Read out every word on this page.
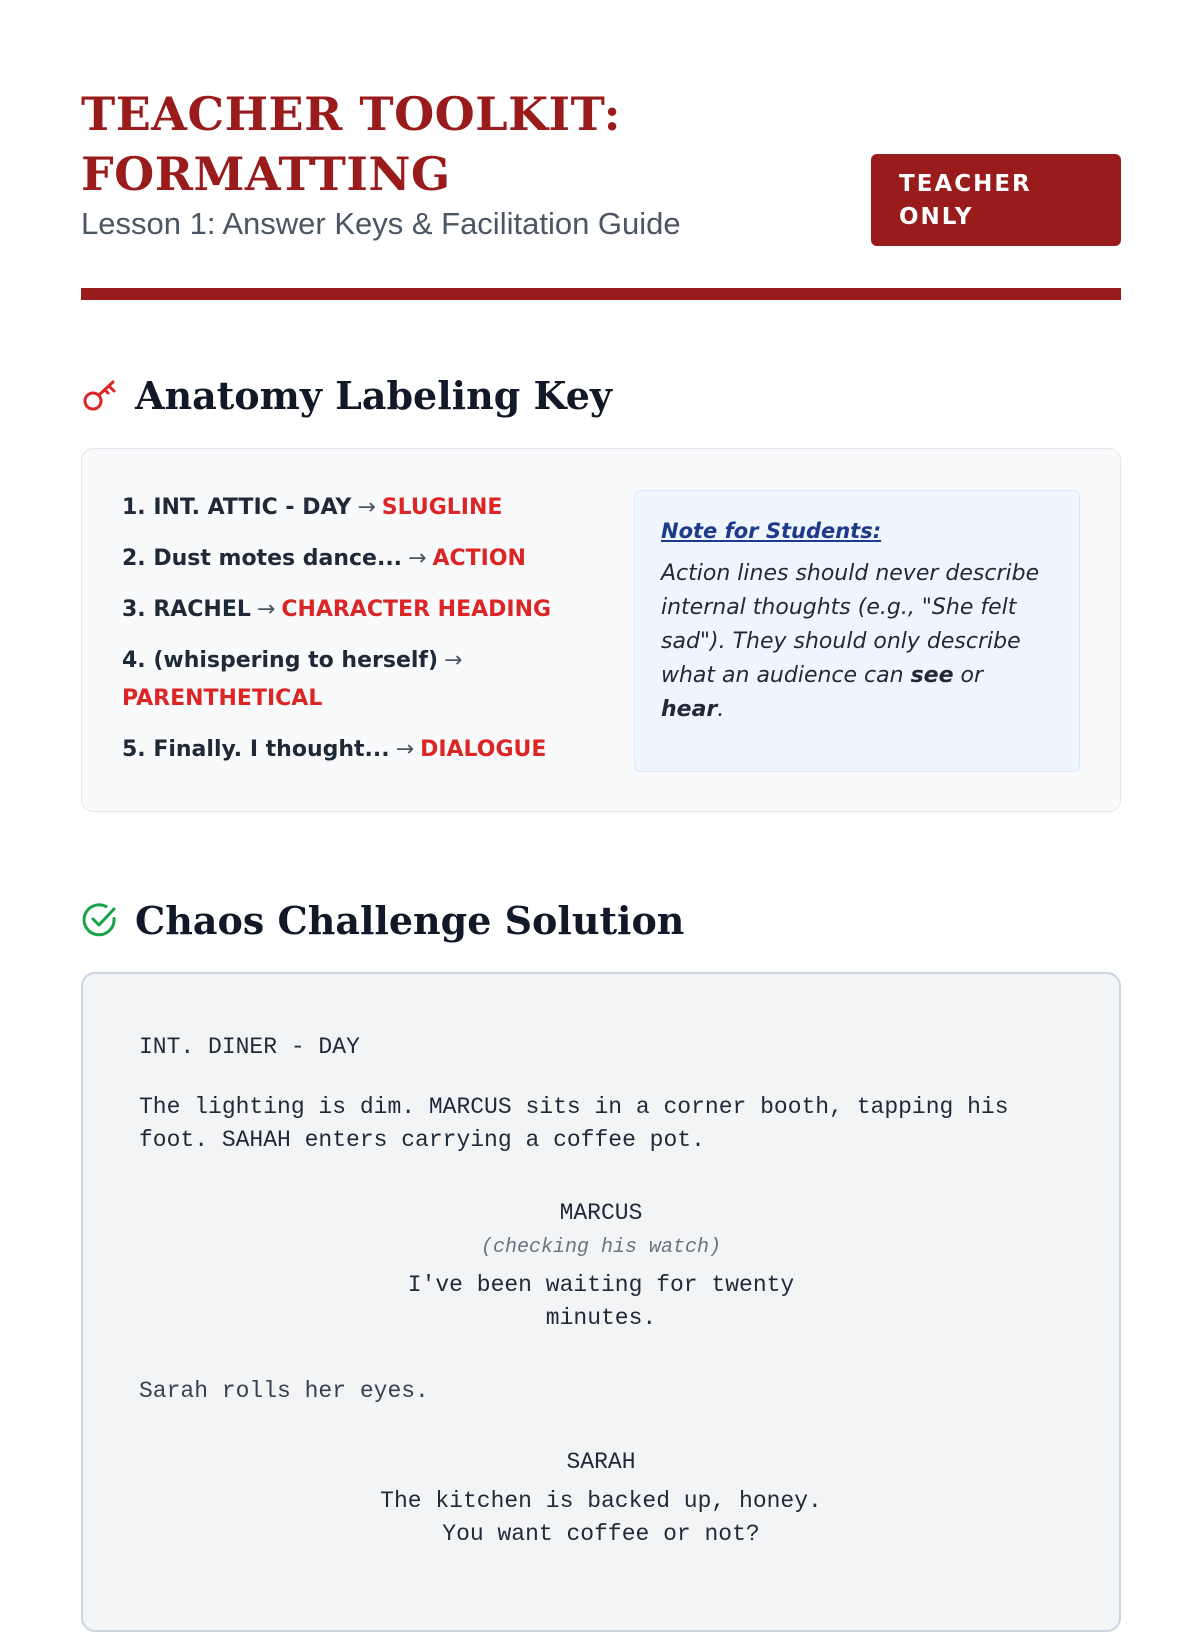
TEACHER TOOLKIT:
FORMATTING
Lesson 1: Answer Keys & Facilitation Guide
TEACHER
ONLY
Anatomy Labeling Key
1. INT. ATTIC - DAY → SLUGLINE
2. Dust motes dance... → ACTION
3. RACHEL → CHARACTER HEADING
4. (whispering to herself) →
PARENTHETICAL
5. Finally. I thought... → DIALOGUE

Note for Students:

Action lines should never describe internal thoughts (e.g., "She felt sad"). They should only describe what an audience can see or hear.

Chaos Challenge Solution

INT. DINER - DAY

The lighting is dim. MARCUS sits in a corner booth, tapping his

foot. SAHAH enters carrying a coffee pot.

MARCUS

(checking his watch)

I've been waiting for twenty

minutes.

Sarah rolls her eyes.

SARAH

The kitchen is backed up, honey.

You want coffee or not?
